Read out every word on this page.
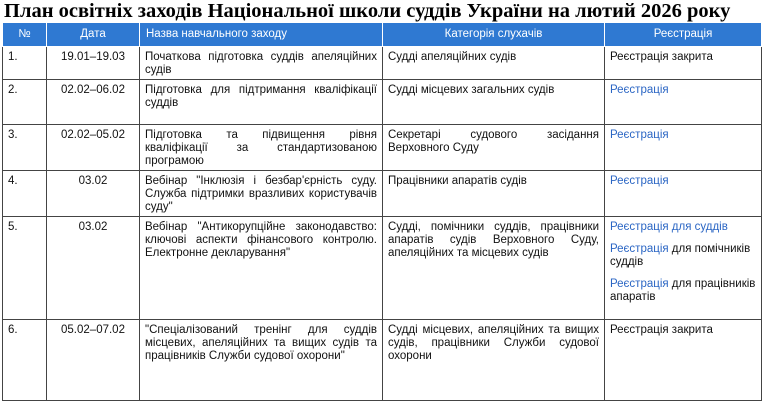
План освітніх заходів Національної школи суддів України на лютий 2026 року
№	Дата	Назва навчального заходу	Категорія слухачів	Реєстрація
1.	19.01–19.03	Початкова підготовка суддів апеляційних судів	Судді апеляційних судів	Реєстрація закрита
2.	02.02–06.02	Підготовка для підтримання кваліфікації суддів	Судді місцевих загальних судів	Реєстрація
3.	02.02–05.02	Підготовка та підвищення рівня кваліфікації за стандартизованою програмою	Секретарі судового засідання Верховного Суду	Реєстрація
4.	03.02	Вебінар "Інклюзія і безбар'єрність суду. Служба підтримки вразливих користувачів суду"	Працівники апаратів судів	Реєстрація
5.	03.02	Вебінар "Антикорупційне законодавство: ключові аспекти фінансового контролю. Електронне декларування"	Судді, помічники суддів, працівники апаратів судів Верховного Суду, апеляційних та місцевих судів	Реєстрація для суддів
Реєстрація для помічників суддів
Реєстрація для працівників апаратів

6.	05.02–07.02	"Спеціалізований тренінг для суддів місцевих, апеляційних та вищих судів та працівників Служби судової охорони"	Судді місцевих, апеляційних та вищих судів, працівники Служби судової охорони	Реєстрація закрита
